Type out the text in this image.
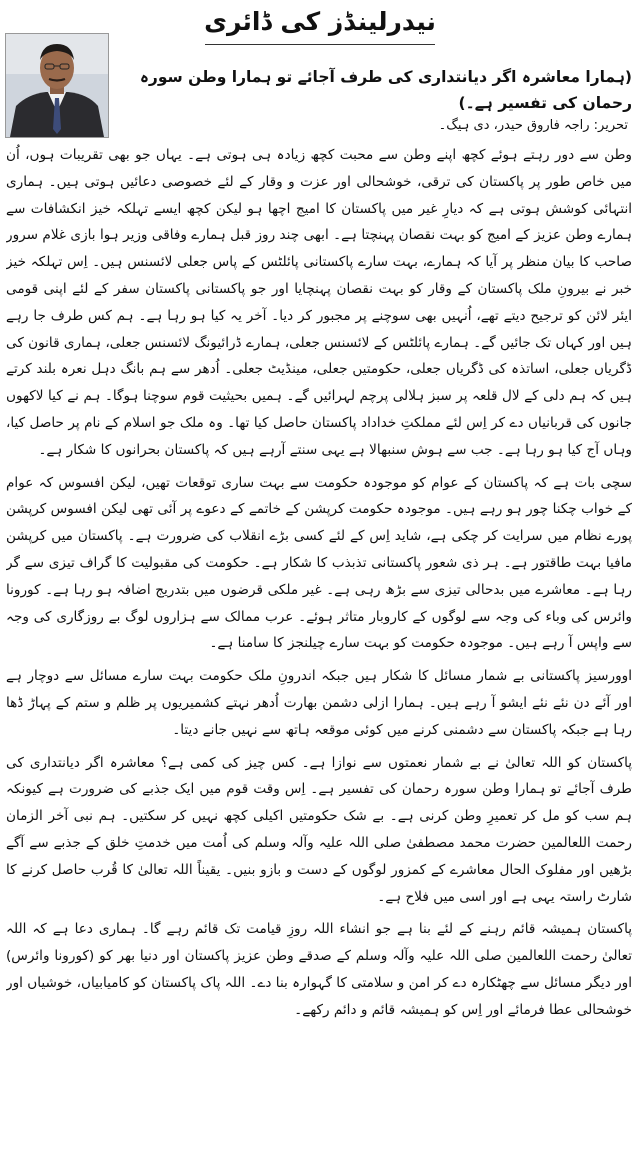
نیدرلینڈز کی ڈائری

(ہمارا معاشرہ اگر دیانتداری کی طرف آجائے تو ہمارا وطن سورہ رحمان کی تفسیر ہے۔)

تحریر: راجہ فاروق حیدر، دی ہیگ۔

وطن سے دور رہتے ہوئے کچھ اپنے وطن سے محبت کچھ زیادہ ہی ہوتی ہے۔ یہاں جو بھی تقریبات ہوں، اُن میں خاص طور پر پاکستان کی ترقی، خوشحالی اور عزت و وقار کے لئے خصوصی دعائیں ہوتی ہیں۔ ہماری انتہائی کوشش ہوتی ہے کہ دیارِ غیر میں پاکستان کا امیج اچھا ہو لیکن کچھ ایسے تہلکہ خیز انکشافات سے ہمارے وطن عزیز کے امیج کو بہت نقصان پہنچتا ہے۔ ابھی چند روز قبل ہمارے وفاقی وزیر ہوا بازی غلام سرور صاحب کا بیان منظر پر آیا کہ ہمارے، بہت سارے پاکستانی پائلٹس کے پاس جعلی لائسنس ہیں۔ اِس تہلکہ خیز خبر نے بیرونِ ملک پاکستان کے وقار کو بہت نقصان پہنچایا اور جو پاکستانی پاکستان سفر کے لئے اپنی قومی ایئر لائن کو ترجیح دیتے تھے، اُنہیں بھی سوچنے پر مجبور کر دیا۔ آخر یہ کیا ہو رہا ہے۔ ہم کس طرف جا رہے ہیں اور کہاں تک جائیں گے۔ ہمارے پائلٹس کے لائسنس جعلی، ہمارے ڈرائیونگ لائسنس جعلی، ہماری قانون کی ڈگریاں جعلی، اساتذہ کی ڈگریاں جعلی، حکومتیں جعلی، مینڈیٹ جعلی۔ اُدھر سے ہم بانگ دہل نعرہ بلند کرتے ہیں کہ ہم دلی کے لال قلعہ پر سبز ہلالی پرچم لہرائیں گے۔ ہمیں بحیثیت قوم سوچنا ہوگا۔ ہم نے کیا لاکھوں جانوں کی قربانیاں دے کر اِس لئے مملکتِ خداداد پاکستان حاصل کیا تھا۔ وہ ملک جو اسلام کے نام پر حاصل کیا، وہاں آج کیا ہو رہا ہے۔ جب سے ہوش سنبھالا ہے یہی سنتے آرہے ہیں کہ پاکستان بحرانوں کا شکار ہے۔

سچی بات ہے کہ پاکستان کے عوام کو موجودہ حکومت سے بہت ساری توقعات تھیں، لیکن افسوس کہ عوام کے خواب چکنا چور ہو رہے ہیں۔ موجودہ حکومت کرپشن کے خاتمے کے دعوے پر آئی تھی لیکن افسوس کرپشن پورے نظام میں سرایت کر چکی ہے، شاید اِس کے لئے کسی بڑے انقلاب کی ضرورت ہے۔ پاکستان میں کرپشن مافیا بہت طاقتور ہے۔ ہر ذی شعور پاکستانی تذبذب کا شکار ہے۔ حکومت کی مقبولیت کا گراف تیزی سے گر رہا ہے۔ معاشرے میں بدحالی تیزی سے بڑھ رہی ہے۔ غیر ملکی قرضوں میں بتدریج اضافہ ہو رہا ہے۔ کورونا وائرس کی وباء کی وجہ سے لوگوں کے کاروبار متاثر ہوئے۔ عرب ممالک سے ہزاروں لوگ بے روزگاری کی وجہ سے واپس آ رہے ہیں۔ موجودہ حکومت کو بہت سارے چیلنجز کا سامنا ہے۔

اوورسیز پاکستانی بے شمار مسائل کا شکار ہیں جبکہ اندرونِ ملک حکومت بہت سارے مسائل سے دوچار ہے اور آئے دن نئے نئے ایشو آ رہے ہیں۔ ہمارا ازلی دشمن بھارت اُدھر نہتے کشمیریوں پر ظلم و ستم کے پہاڑ ڈھا رہا ہے جبکہ پاکستان سے دشمنی کرنے میں کوئی موقعہ ہاتھ سے نہیں جانے دیتا۔

پاکستان کو اللہ تعالیٰ نے بے شمار نعمتوں سے نوازا ہے۔ کس چیز کی کمی ہے؟ معاشرہ اگر دیانتداری کی طرف آجائے تو ہمارا وطن سورہ رحمان کی تفسیر ہے۔ اِس وقت قوم میں ایک جذبے کی ضرورت ہے کیونکہ ہم سب کو مل کر تعمیرِ وطن کرنی ہے۔ بے شک حکومتیں اکیلی کچھ نہیں کر سکتیں۔ ہم نبی آخر الزمان رحمت اللعالمین حضرت محمد مصطفیٰ صلی اللہ علیہ وآلہ وسلم کی اُمت میں خدمتِ خلق کے جذبے سے آگے بڑھیں اور مفلوک الحال معاشرے کے کمزور لوگوں کے دست و بازو بنیں۔ یقیناً اللہ تعالیٰ کا قُرب حاصل کرنے کا شارٹ راستہ یہی ہے اور اسی میں فلاح ہے۔

پاکستان ہمیشہ قائم رہنے کے لئے بنا ہے جو انشاء اللہ روزِ قیامت تک قائم رہے گا۔ ہماری دعا ہے کہ اللہ تعالیٰ رحمت اللعالمین صلی اللہ علیہ وآلہ وسلم کے صدقے وطن عزیز پاکستان اور دنیا بھر کو (کورونا وائرس) اور دیگر مسائل سے چھٹکارہ دے کر امن و سلامتی کا گہوارہ بنا دے۔ اللہ پاک پاکستان کو کامیابیاں، خوشیاں اور خوشحالی عطا فرمائے اور اِس کو ہمیشہ قائم و دائم رکھے۔
